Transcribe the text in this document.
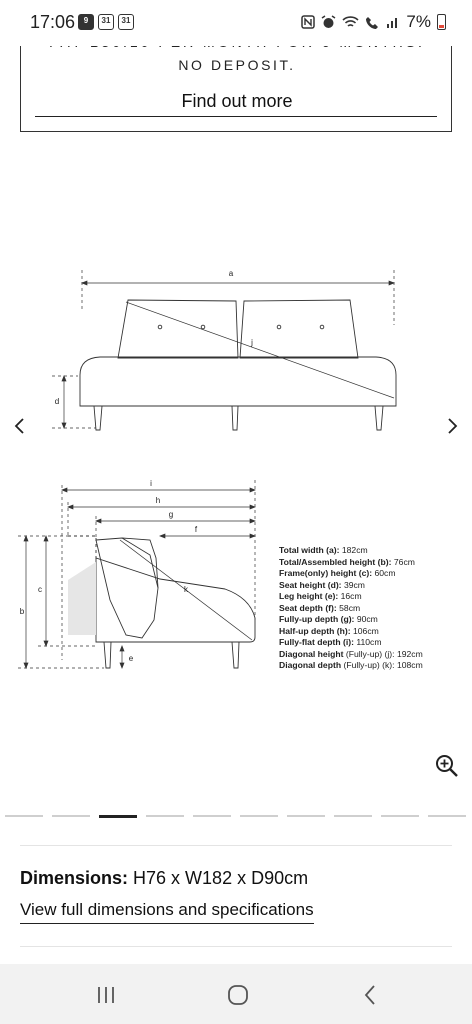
17:06	9	31	31	7%
NO DEPOSIT.
Find out more
a
j
d
i
h
g
f
c
b
k
e
Total width (a): 182cm
Total/Assembled height (b): 76cm
Frame(only) height (c): 60cm
Seat height (d): 39cm
Leg height (e): 16cm
Seat depth (f): 58cm
Fully-up depth (g): 90cm
Half-up depth (h): 106cm
Fully-flat depth (i): 110cm
Diagonal height (Fully-up) (j): 192cm
Diagonal depth (Fully-up) (k): 108cm
Dimensions: H76 x W182 x D90cm
View full dimensions and specifications
